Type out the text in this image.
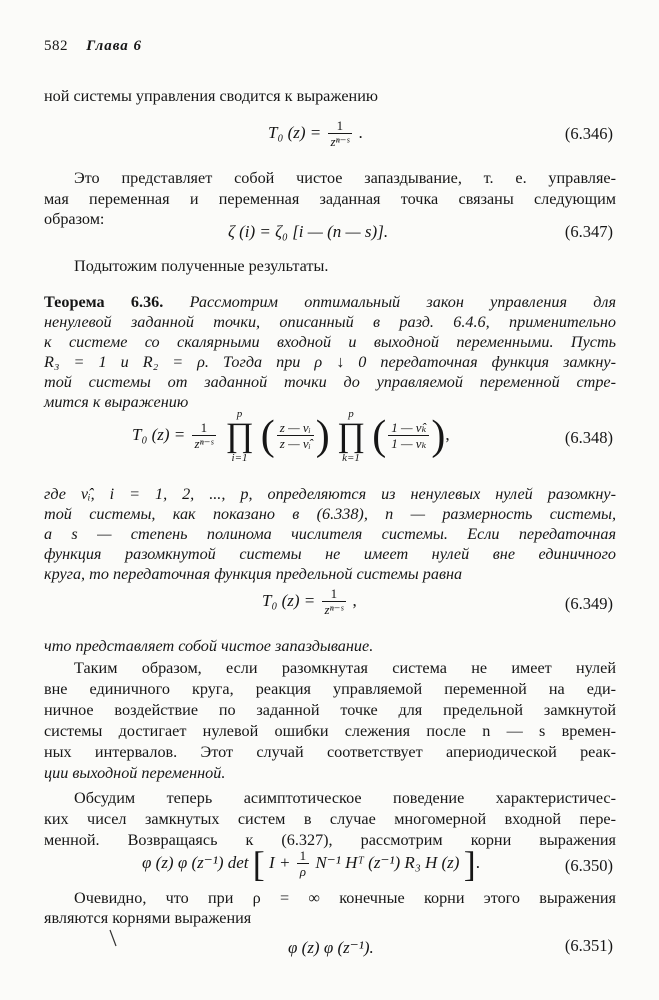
582 Глава 6
ной системы управления сводится к выражению
T₀ $(z) = \frac{1}{\text{zⁿ⁻ˢ}}$ .	(6.346)
Это представляет собой чистое запаздывание, т. е. управляе-
мая переменная и переменная заданная точка связаны следующим
образом:
ζ (i) = ζ₀ [i — (n — s)].	(6.347)
Подытожим полученные результаты.
Теорема 6.36. Рассмотрим оптимальный закон управления для
ненулевой заданной точки, описанный в разд. 6.4.6, применительно
к системе со скалярными входной и выходной переменными. Пусть
R₃ = 1 и R₂ = ρ. Тогда при ρ ↓ 0 передаточная функция замкну-
той системы от заданной точки до управляемой переменной стре-
мится к выражению
T₀ $(z) = \frac{1}{\text{zⁿ⁻ˢ}}$

p
∏
i=1 ( $\frac{\text{z — νᵢ}}{\text{z — ν̂ᵢ}}$ )	p
∏
k=1 ( $\frac{\text{1 — ν̂ₖ}}{\text{1 — νₖ}}$ ),	(6.348)
где ν̂ᵢ, i = 1, 2, ..., p, определяются из ненулевых нулей разомкну-
той системы, как показано в (6.338), n — размерность системы,
а s — степень полинома числителя системы. Если передаточная
функция разомкнутой системы не имеет нулей вне единичного
круга, то передаточная функция предельной системы равна
T₀ $(z) = \frac{1}{\text{zⁿ⁻ˢ}}$ ,	(6.349)
что представляет собой чистое запаздывание.
Таким образом, если разомкнутая система не имеет нулей
вне единичного круга, реакция управляемой переменной на еди-
ничное воздействие по заданной точке для предельной замкнутой
системы достигает нулевой ошибки слежения после n — s времен-
ных интервалов. Этот случай соответствует апериодической реак-
ции выходной переменной.
Обсудим теперь асимптотическое поведение характеристичес-
ких чисел замкнутых систем в случае многомерной входной пере-
менной. Возвращаясь к (6.327), рассмотрим корни выражения
φ (z) φ (z⁻¹) det [ $I + \frac{1}{\rho} N^{-1}$ Hᵀ (z⁻¹) R₃ H (z) ].	(6.350)
Очевидно, что при ρ = ∞ конечные корни этого выражения
являются корнями выражения
φ (z) φ (z⁻¹).	(6.351)
